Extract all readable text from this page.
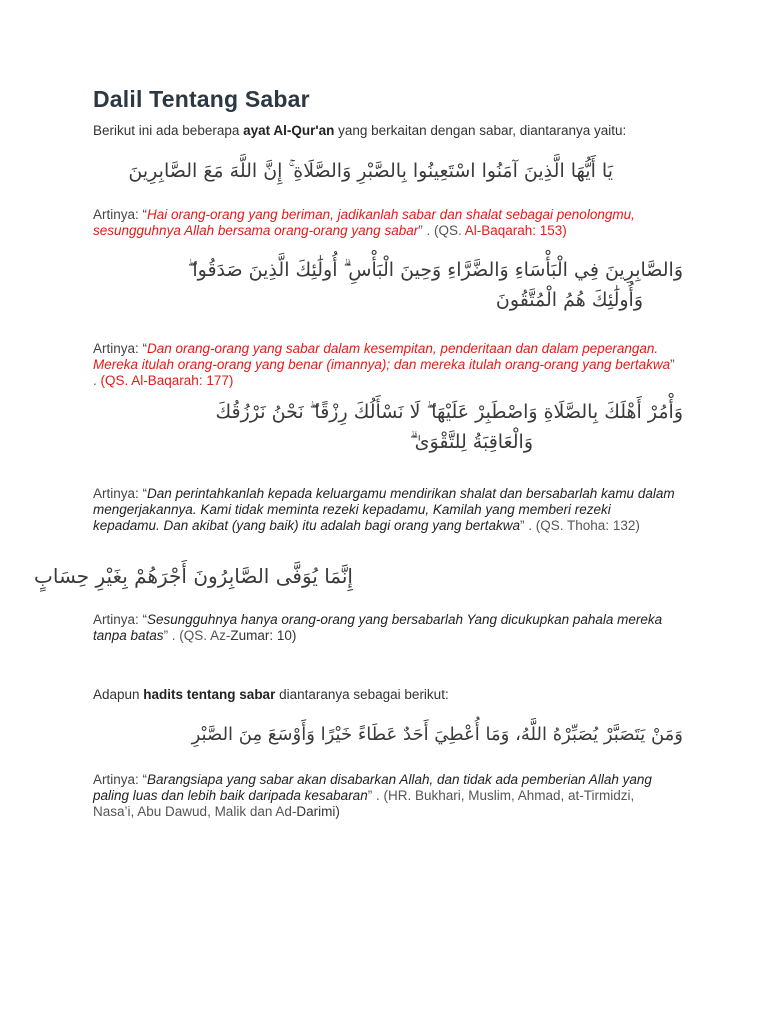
Dalil Tentang Sabar
Berikut ini ada beberapa ayat Al-Qur'an yang berkaitan dengan sabar, diantaranya yaitu:
يَا أَيُّهَا الَّذِينَ آمَنُوا اسْتَعِينُوا بِالصَّبْرِ وَالصَّلَاةِ ۚ إِنَّ اللَّهَ مَعَ الصَّابِرِينَ
Artinya: “Hai orang-orang yang beriman, jadikanlah sabar dan shalat sebagai penolongmu, sesungguhnya Allah bersama orang-orang yang sabar” . (QS. Al-Baqarah: 153)
وَالصَّابِرِينَ فِي الْبَأْسَاءِ وَالضَّرَّاءِ وَحِينَ الْبَأْسِ ۗ أُولَٰئِكَ الَّذِينَ صَدَقُوا ۖ
وَأُولَٰئِكَ هُمُ الْمُتَّقُونَ
Artinya: “Dan orang-orang yang sabar dalam kesempitan, penderitaan dan dalam peperangan. Mereka itulah orang-orang yang benar (imannya); dan mereka itulah orang-orang yang bertakwa” . (QS. Al-Baqarah: 177)
وَأْمُرْ أَهْلَكَ بِالصَّلَاةِ وَاصْطَبِرْ عَلَيْهَا ۖ لَا نَسْأَلُكَ رِزْقًا ۖ نَحْنُ نَرْزُقُكَ
وَالْعَاقِبَةُ لِلتَّقْوَىٰ ۗ
Artinya: “Dan perintahkanlah kepada keluargamu mendirikan shalat dan bersabarlah kamu dalam mengerjakannya. Kami tidak meminta rezeki kepadamu, Kamilah yang memberi rezeki kepadamu. Dan akibat (yang baik) itu adalah bagi orang yang bertakwa” . (QS. Thoha: 132)
إِنَّمَا يُوَفَّى الصَّابِرُونَ أَجْرَهُمْ بِغَيْرِ حِسَابٍ
Artinya: “Sesungguhnya hanya orang-orang yang bersabarlah Yang dicukupkan pahala mereka tanpa batas” . (QS. Az-Zumar: 10)
Adapun hadits tentang sabar diantaranya sebagai berikut:
وَمَنْ يَتَصَبَّرْ يُصَبِّرْهُ اللَّهُ، وَمَا أُعْطِيَ أَحَدٌ عَطَاءً خَيْرًا وَأَوْسَعَ مِنَ الصَّبْرِ
Artinya: “Barangsiapa yang sabar akan disabarkan Allah, dan tidak ada pemberian Allah yang paling luas dan lebih baik daripada kesabaran” . (HR. Bukhari, Muslim, Ahmad, at-Tirmidzi, Nasa’i, Abu Dawud, Malik dan Ad-Darimi)
